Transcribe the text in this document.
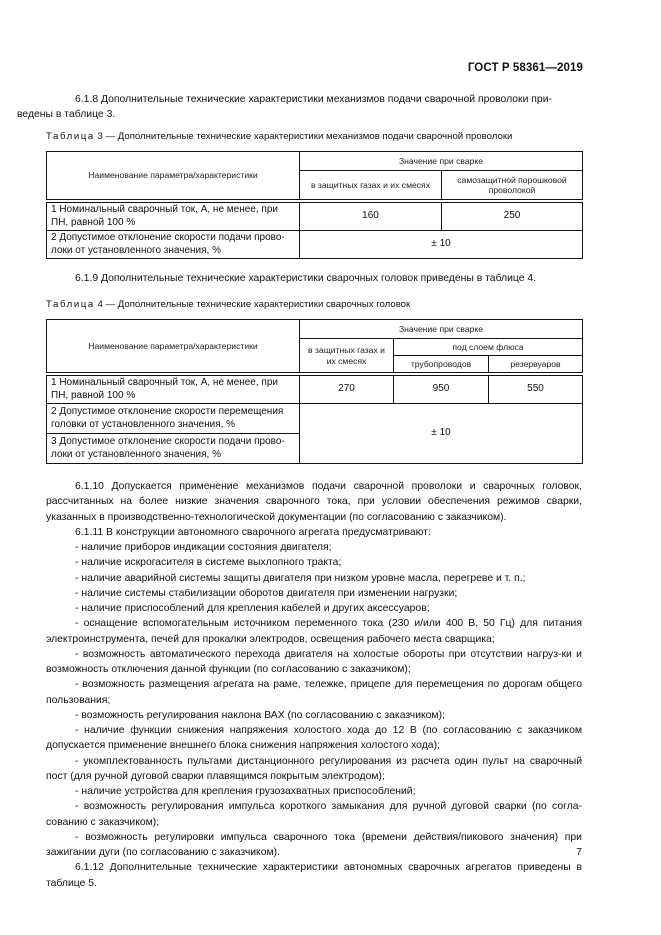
ГОСТ Р 58361—2019
6.1.8 Дополнительные технические характеристики механизмов подачи сварочной проволоки при-
ведены в таблице 3.
Таблица 3 — Дополнительные технические характеристики механизмов подачи сварочной проволоки
Наименование параметра/характеристики	Значение при сварке	
	в защитных газах и их смесях	самозащитной порошковой проволокой

1 Номинальный сварочный ток, А, не менее, при ПН, равной 100 %	160	250
2 Допустимое отклонение скорости подачи прово-локи от установленного значения, %	± 10	
6.1.9 Дополнительные технические характеристики сварочных головок приведены в таблице 4.
Таблица 4 — Дополнительные технические характеристики сварочных головок
Наименование параметра/характеристики	Значение при сварке		
	в защитных газах и их смесях	под слоем флюса	
		трубопроводов	резервуаров

1 Номинальный сварочный ток, А, не менее, при ПН, равной 100 %	270	950	550
2 Допустимое отклонение скорости перемещения головки от установленного значения, %	± 10		
3 Допустимое отклонение скорости подачи прово-локи от установленного значения, %			

6.1.10 Допускается применение механизмов подачи сварочной проволоки и сварочных головок, рассчитанных на более низкие значения сварочного тока, при условии обеспечения режимов сварки, указанных в производственно-технологической документации (по согласованию с заказчиком).

6.1.11 В конструкции автономного сварочного агрегата предусматривают:

- наличие приборов индикации состояния двигателя;

- наличие искрогасителя в системе выхлопного тракта;

- наличие аварийной системы защиты двигателя при низком уровне масла, перегреве и т. п.;

- наличие системы стабилизации оборотов двигателя при изменении нагрузки;

- наличие приспособлений для крепления кабелей и других аксессуаров;

- оснащение вспомогательным источником переменного тока (230 и/или 400 В, 50 Гц) для питания электроинструмента, печей для прокалки электродов, освещения рабочего места сварщика;

- возможность автоматического перехода двигателя на холостые обороты при отсутствии нагруз-ки и возможность отключения данной функции (по согласованию с заказчиком);

- возможность размещения агрегата на раме, тележке, прицепе для перемещения по дорогам общего пользования;

- возможность регулирования наклона ВАХ (по согласованию с заказчиком);

- наличие функции снижения напряжения холостого хода до 12 В (по согласованию с заказчиком допускается применение внешнего блока снижения напряжения холостого хода);

- укомплектованность пультами дистанционного регулирования из расчета один пульт на сварочный пост (для ручной дуговой сварки плавящимся покрытым электродом);

- наличие устройства для крепления грузозахватных приспособлений;

- возможность регулирования импульса короткого замыкания для ручной дуговой сварки (по согла-сованию с заказчиком);

- возможность регулировки импульса сварочного тока (времени действия/пикового значения) при зажигании дуги (по согласованию с заказчиком).

6.1.12 Дополнительные технические характеристики автономных сварочных агрегатов приведены в таблице 5.

7
